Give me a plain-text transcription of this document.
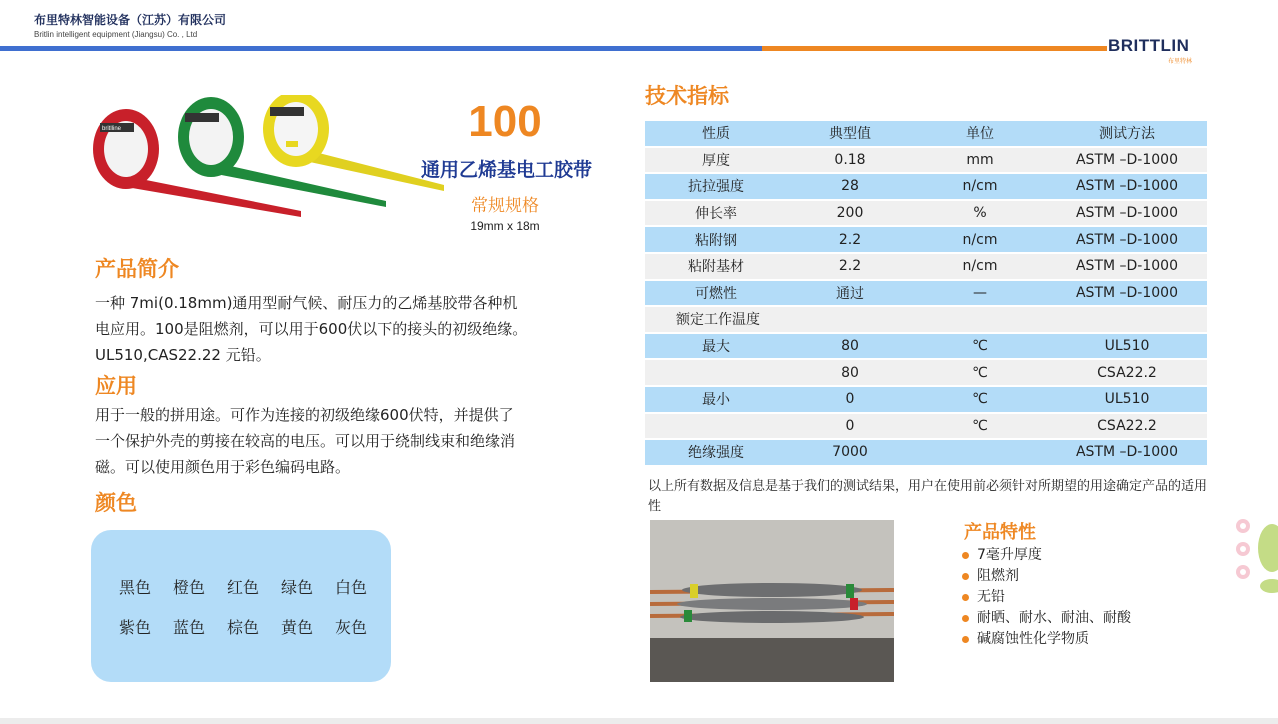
布里特林智能设备（江苏）有限公司
Britlin intelligent equipment (Jiangsu) Co. , Ltd
BRITTLIN
布里特林
britlline	100
通用乙烯基电工胶带
常规规格
19mm x 18m
产品简介
一种 7mi(0.18mm)通用型耐气候、耐压力的乙烯基胶带各种机
电应用。100是阻燃剂，可以用于600伏以下的接头的初级绝缘。
UL510,CAS22.22 元铅。
应用
用于一般的拼用途。可作为连接的初级绝缘600伏特，并提供了
一个保护外壳的剪接在较高的电压。可以用于绕制线束和绝缘消
磁。可以使用颜色用于彩色编码电路。
颜色
黑色 橙色 红色 绿色 白色
紫色 蓝色 棕色 黄色 灰色
技术指标
性质	典型值	单位	测试方法
厚度	0.18	mm	ASTM –D-1000
抗拉强度	28	n/cm	ASTM –D-1000
伸长率	200	%	ASTM –D-1000
粘附钢	2.2	n/cm	ASTM –D-1000
粘附基材	2.2	n/cm	ASTM –D-1000
可燃性	通过	—	ASTM –D-1000
额定工作温度			
最大	80	℃	UL510
	80	℃	CSA22.2
最小	0	℃	UL510
	0	℃	CSA22.2
绝缘强度	7000		ASTM –D-1000
以上所有数据及信息是基于我们的测试结果，用户在使用前必须针对所期望的用途确定产品的适用性
产品特性
7毫升厚度
阻燃剂
无铅
耐晒、耐水、耐油、耐酸
碱腐蚀性化学物质
